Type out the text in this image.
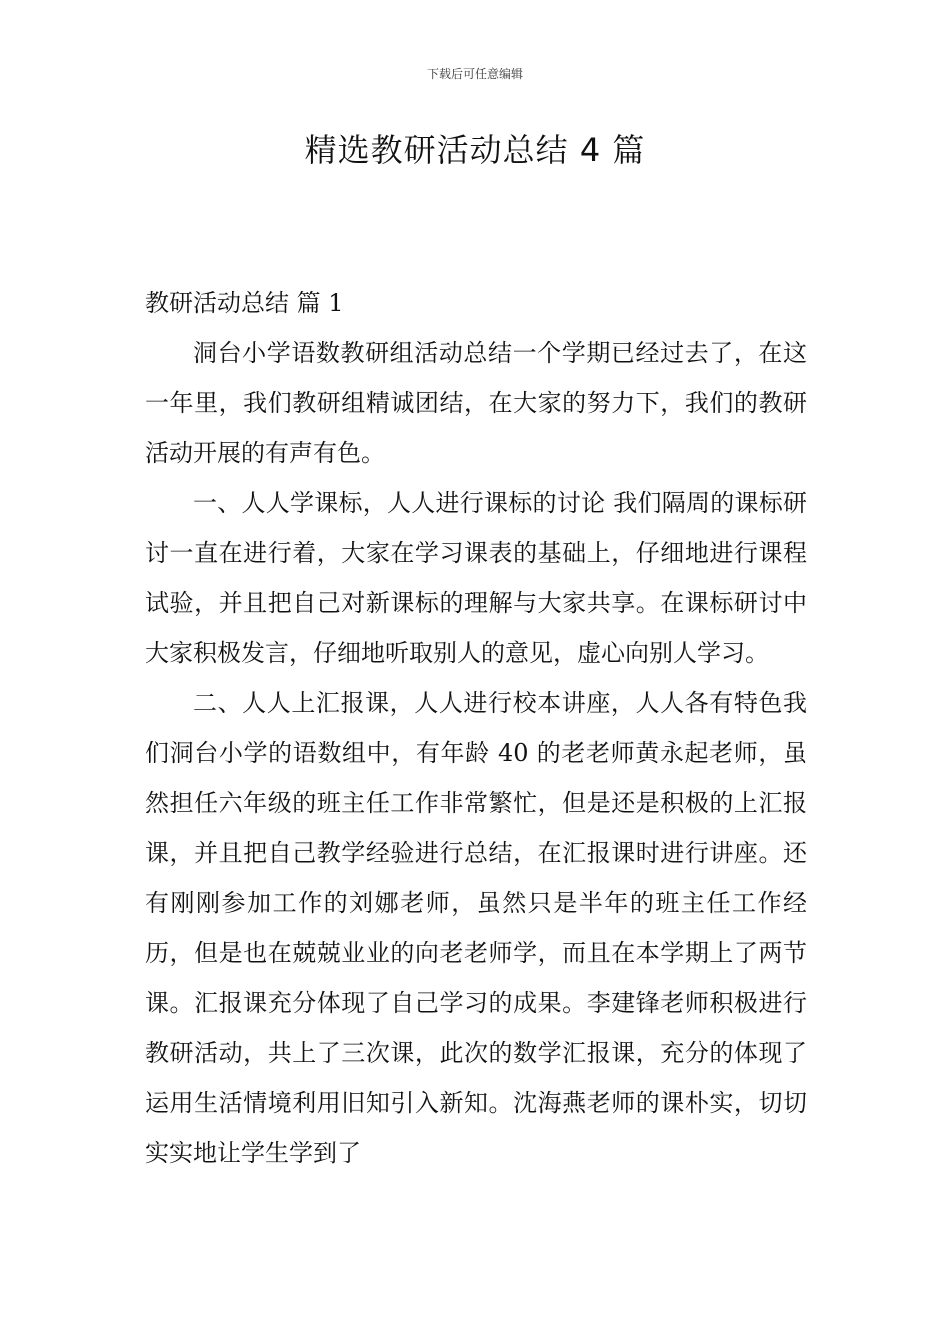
下载后可任意编辑
精选教研活动总结 4 篇

教研活动总结 篇 1

洞台小学语数教研组活动总结一个学期已经过去了，在这一年里，我们教研组精诚团结，在大家的努力下，我们的教研活动开展的有声有色。

一、人人学课标，人人进行课标的讨论 我们隔周的课标研讨一直在进行着，大家在学习课表的基础上，仔细地进行课程试验，并且把自己对新课标的理解与大家共享。在课标研讨中大家积极发言，仔细地听取别人的意见，虚心向别人学习。

二、人人上汇报课，人人进行校本讲座，人人各有特色我们洞台小学的语数组中，有年龄 40 的老老师黄永起老师，虽然担任六年级的班主任工作非常繁忙，但是还是积极的上汇报课，并且把自己教学经验进行总结，在汇报课时进行讲座。还有刚刚参加工作的刘娜老师，虽然只是半年的班主任工作经历，但是也在兢兢业业的向老老师学，而且在本学期上了两节课。汇报课充分体现了自己学习的成果。李建锋老师积极进行教研活动，共上了三次课，此次的数学汇报课，充分的体现了运用生活情境利用旧知引入新知。沈海燕老师的课朴实，切切实实地让学生学到了
